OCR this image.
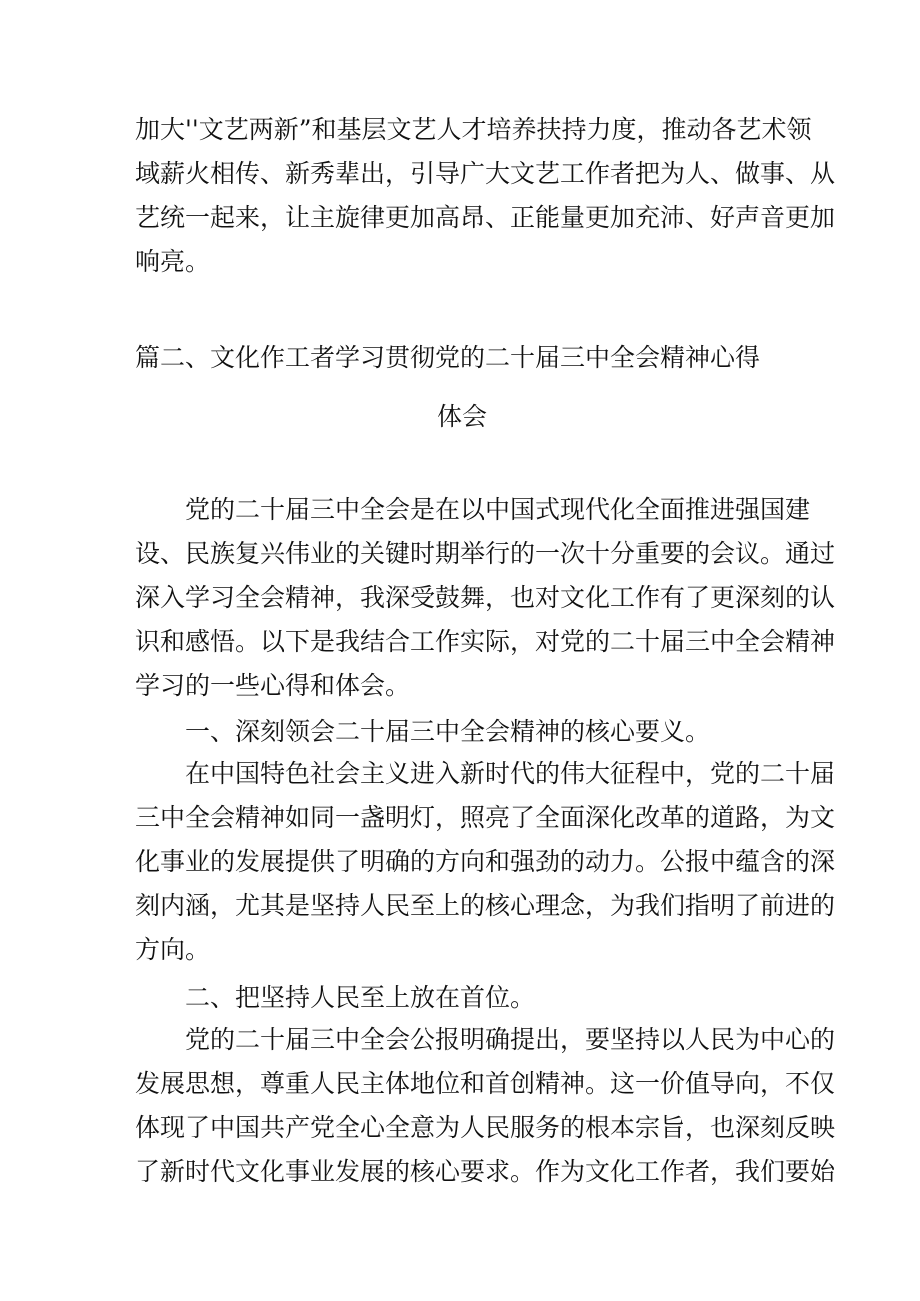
加大''文艺两新”和基层文艺人才培养扶持力度，推动各艺术领
域薪火相传、新秀辈出，引导广大文艺工作者把为人、做事、从
艺统一起来，让主旋律更加高昂、正能量更加充沛、好声音更加
响亮。
篇二、文化作工者学习贯彻党的二十届三中全会精神心得
体会
党的二十届三中全会是在以中国式现代化全面推进强国建
设、民族复兴伟业的关键时期举行的一次十分重要的会议。通过
深入学习全会精神，我深受鼓舞，也对文化工作有了更深刻的认
识和感悟。以下是我结合工作实际，对党的二十届三中全会精神
学习的一些心得和体会。
一、深刻领会二十届三中全会精神的核心要义。
在中国特色社会主义进入新时代的伟大征程中，党的二十届
三中全会精神如同一盏明灯，照亮了全面深化改革的道路，为文
化事业的发展提供了明确的方向和强劲的动力。公报中蕴含的深
刻内涵，尤其是坚持人民至上的核心理念，为我们指明了前进的
方向。
二、把坚持人民至上放在首位。
党的二十届三中全会公报明确提出，要坚持以人民为中心的
发展思想，尊重人民主体地位和首创精神。这一价值导向，不仅
体现了中国共产党全心全意为人民服务的根本宗旨，也深刻反映
了新时代文化事业发展的核心要求。作为文化工作者，我们要始
